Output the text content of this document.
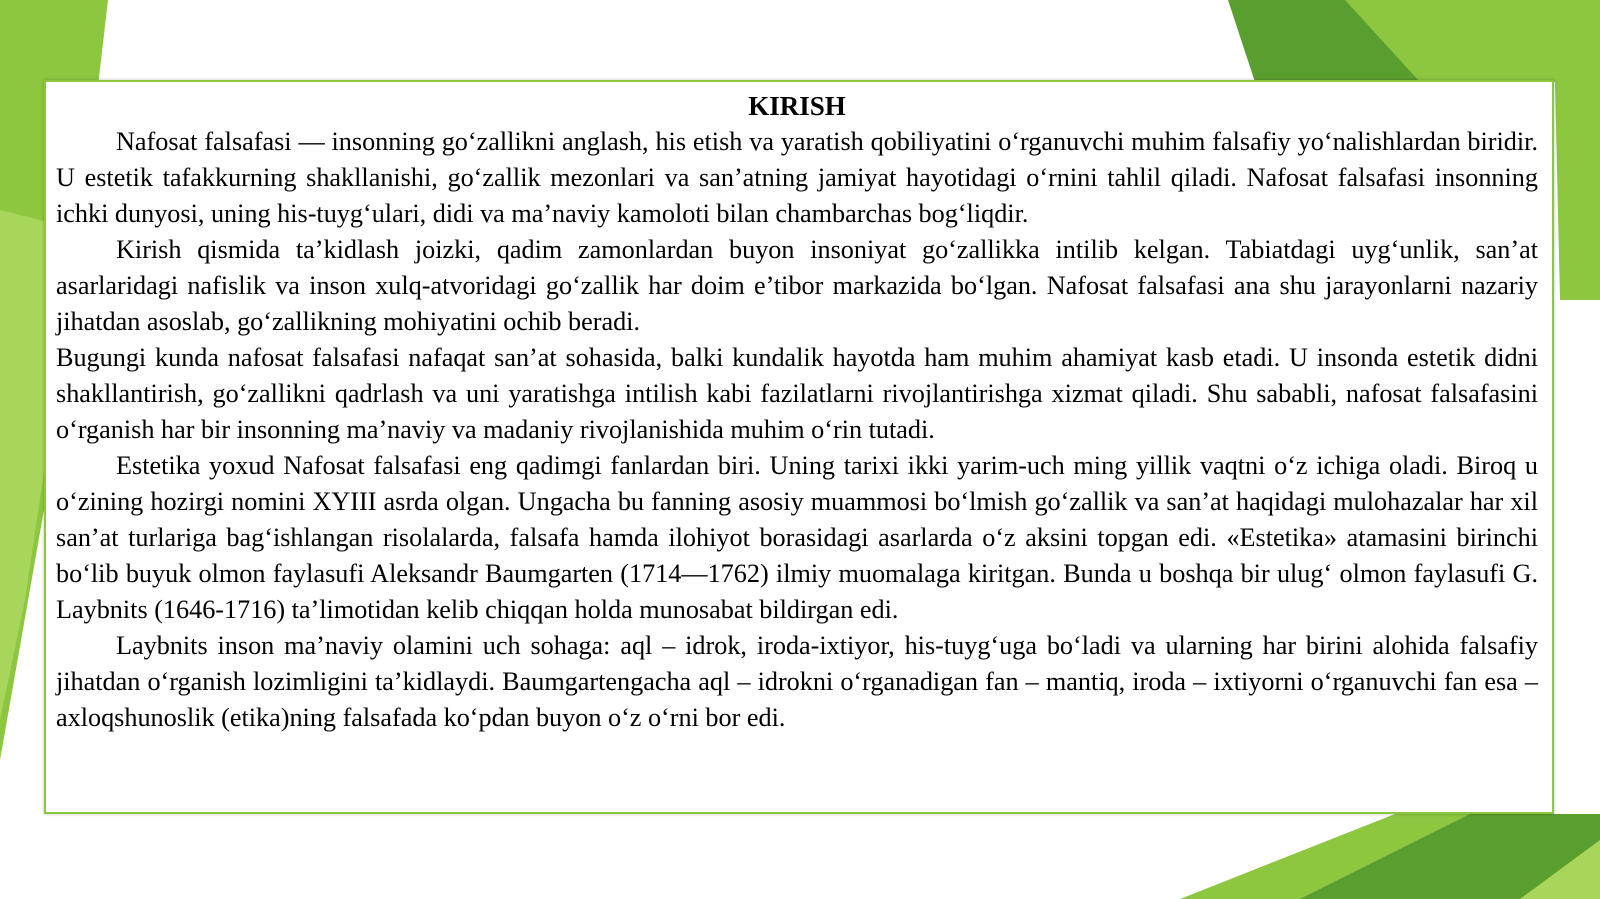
KIRISH

Nafosat falsafasi — insonning go‘zallikni anglash, his etish va yaratish qobiliyatini o‘rganuvchi muhim falsafiy yo‘nalishlardan biridir. U estetik tafakkurning shakllanishi, go‘zallik mezonlari va san’atning jamiyat hayotidagi o‘rnini tahlil qiladi. Nafosat falsafasi insonning ichki dunyosi, uning his-tuyg‘ulari, didi va ma’naviy kamoloti bilan chambarchas bog‘liqdir.

Kirish qismida ta’kidlash joizki, qadim zamonlardan buyon insoniyat go‘zallikka intilib kelgan. Tabiatdagi uyg‘unlik, san’at asarlaridagi nafislik va inson xulq-atvoridagi go‘zallik har doim e’tibor markazida bo‘lgan. Nafosat falsafasi ana shu jarayonlarni nazariy jihatdan asoslab, go‘zallikning mohiyatini ochib beradi.

Bugungi kunda nafosat falsafasi nafaqat san’at sohasida, balki kundalik hayotda ham muhim ahamiyat kasb etadi. U insonda estetik didni shakllantirish, go‘zallikni qadrlash va uni yaratishga intilish kabi fazilatlarni rivojlantirishga xizmat qiladi. Shu sababli, nafosat falsafasini o‘rganish har bir insonning ma’naviy va madaniy rivojlanishida muhim o‘rin tutadi.

Estetika yoxud Nafosat falsafasi eng qadimgi fanlardan biri. Uning tarixi ikki yarim-uch ming yillik vaqtni o‘z ichiga oladi. Biroq u o‘zining hozirgi nomini XYIII asrda olgan. Ungacha bu fanning asosiy muammosi bo‘lmish go‘zallik va san’at haqidagi mulohazalar har xil san’at turlariga bag‘ishlangan risolalarda, falsafa hamda ilohiyot borasidagi asarlarda o‘z aksini topgan edi. «Estetika» atamasini birinchi bo‘lib buyuk olmon faylasufi Aleksandr Baumgarten (1714—1762) ilmiy muomalaga kiritgan. Bunda u boshqa bir ulug‘ olmon faylasufi G. Laybnits (1646-1716) ta’limotidan kelib chiqqan holda munosabat bildirgan edi.

Laybnits inson ma’naviy olamini uch sohaga: aql – idrok, iroda-ixtiyor, his-tuyg‘uga bo‘ladi va ularning har birini alohida falsafiy jihatdan o‘rganish lozimligini ta’kidlaydi. Baumgartengacha aql – idrokni o‘rganadigan fan – mantiq, iroda – ixtiyorni o‘rganuvchi fan esa – axloqshunoslik (etika)ning falsafada ko‘pdan buyon o‘z o‘rni bor edi.
